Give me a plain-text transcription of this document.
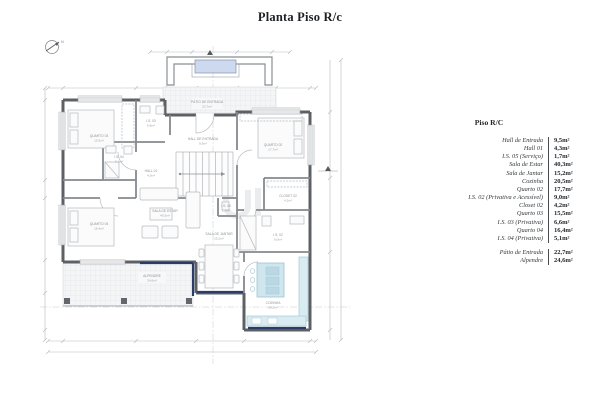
Planta Piso R/c
N
PÁTIO DE ENTRADA
22,7m²
HALL DE ENTRADA
9,5m²
QUARTO 03
15,5m²
I.S. 03
6,6m²
HALL 01
4,3m²
I.S. 04
5,1m²
QUARTO 04
16,4m²
QUARTO 02
17,7m²
CLOSET 02
4,2m²
I.S. 02
9,0m²
I.S. 05
1,7m²
SALA DE ESTAR
40,3m²
SALA DE JANTAR
15,2m²
COZINHA
20,5m²
ALPENDRE
24,6m²
Piso R/C
Hall de Entrada	9,5m²
Hall 01	4,3m²
I.S. 05 (Serviço)	1,7m²
Sala de Estar	40,3m²
Sala de Jantar	15,2m²
Cozinha	20,5m²
Quarto 02	17,7m²
I.S. 02 (Privativa e Acessível)	9,0m²
Closet 02	4,2m²
Quarto 03	15,5m²
I.S. 03 (Privativa)	6,6m²
Quarto 04	16,4m²
I.S. 04 (Privativa)	5,1m²
Pátio de Entrada	22,7m²
Alpendre	24,6m²
